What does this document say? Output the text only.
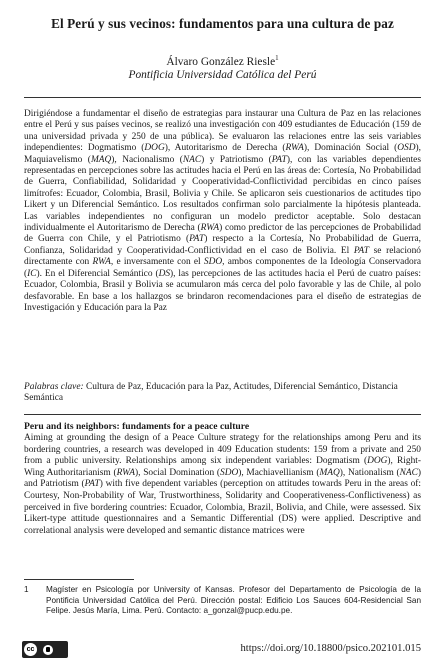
El Perú y sus vecinos: fundamentos para una cultura de paz
Álvaro González Riesle$^1$
Pontificia Universidad Católica del Perú

Dirigiéndose a fundamentar el diseño de estrategias para instaurar una Cultura de Paz en las relaciones entre el Perú y sus países vecinos, se realizó una investigación con 409 estudiantes de Educación (159 de una universidad privada y 250 de una pública). Se evaluaron las relaciones entre las seis variables independientes: Dogmatismo (DOG), Autoritarismo de Derecha (RWA), Dominación Social (OSD), Maquiavelismo (MAQ), Nacionalismo (NAC) y Patriotismo (PAT), con las variables dependientes representadas en percepciones sobre las actitudes hacia el Perú en las áreas de: Cortesía, No Probabilidad de Guerra, Confiabilidad, Solidaridad y Cooperatividad-Conflictividad percibidas en cinco países limítrofes: Ecuador, Colombia, Brasil, Bolivia y Chile. Se aplicaron seis cuestionarios de actitudes tipo Likert y un Diferencial Semántico. Los resultados confirman solo parcialmente la hipótesis planteada. Las variables independientes no configuran un modelo predictor aceptable. Solo destacan individualmente el Autoritarismo de Derecha (RWA) como predictor de las percepciones de Probabilidad de Guerra con Chile, y el Patriotismo (PAT) respecto a la Cortesía, No Probabilidad de Guerra, Confianza, Solidaridad y Cooperatividad-Conflictividad en el caso de Bolivia. El PAT se relacionó directamente con RWA, e inversamente con el SDO, ambos componentes de la Ideología Conservadora (IC). En el Diferencial Semántico (DS), las percepciones de las actitudes hacia el Perú de cuatro países: Ecuador, Colombia, Brasil y Bolivia se acumularon más cerca del polo favorable y las de Chile, al polo desfavorable. En base a los hallazgos se brindaron recomendaciones para el diseño de estrategias de Investigación y Educación para la Paz

Palabras clave: Cultura de Paz, Educación para la Paz, Actitudes, Diferencial Semántico, Distancia Semántica

Peru and its neighbors: fundaments for a peace culture

Aiming at grounding the design of a Peace Culture strategy for the relationships among Peru and its bordering countries, a research was developed in 409 Education students: 159 from a private and 250 from a public university. Relationships among six independent variables: Dogmatism (DOG), Right-Wing Authoritarianism (RWA), Social Domination (SDO), Machiavellianism (MAQ), Nationalism (NAC) and Patriotism (PAT) with five dependent variables (perception on attitudes towards Peru in the areas of: Courtesy, Non-Probability of War, Trustworthiness, Solidarity and Cooperativeness-Conflictiveness) as perceived in five bordering countries: Ecuador, Colombia, Brazil, Bolivia, and Chile, were assessed. Six Likert-type attitude questionnaires and a Semantic Differential (DS) were applied. Descriptive and correlational analysis were developed and semantic distance matrices were

1 Magíster en Psicología por University of Kansas. Profesor del Departamento de Psicología de la Pontificia Universidad Católica del Perú. Dirección postal: Edificio Los Sauces 604-Residencial San Felipe. Jesús María, Lima. Perú. Contacto: a_gonzal@pucp.edu.pe.
cc	https://doi.org/10.18800/psico.202101.015
